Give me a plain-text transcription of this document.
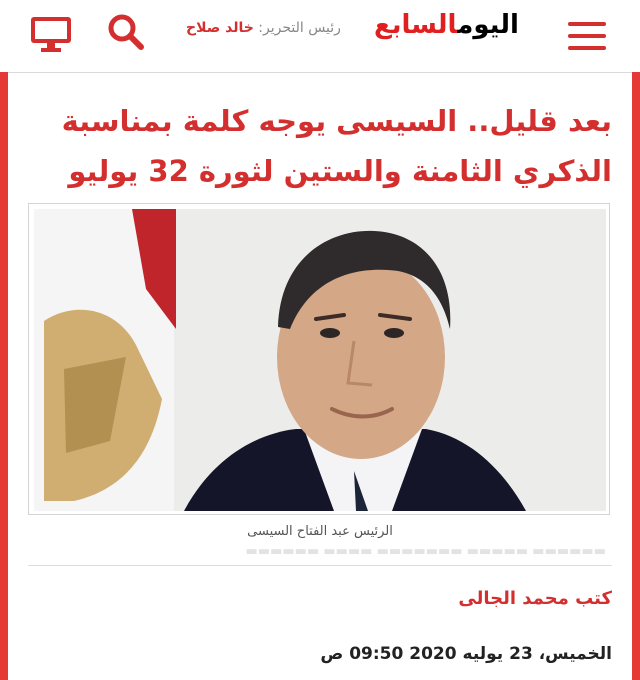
رئيس التحرير: خالد صلاح	اليومالسابع
بعد قليل.. السيسى يوجه كلمة بمناسبة الذكري الثامنة والستين لثورة 32 يوليو
الرئيس عبد الفتاح السيسى
▬▬▬▬▬▬ ▬▬▬▬▬ ▬▬▬▬▬▬▬ ▬▬▬▬ ▬▬▬▬▬▬
كتب محمد الجالى
الخميس، 23 يوليه 2020 09:50 ص
